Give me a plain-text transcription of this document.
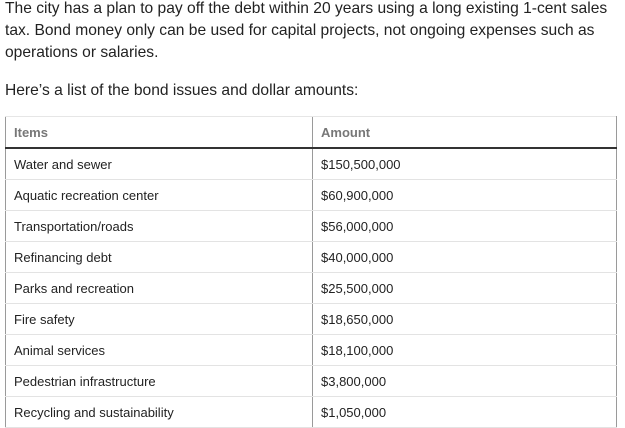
The city has a plan to pay off the debt within 20 years using a long existing 1-cent sales tax. Bond money only can be used for capital projects, not ongoing expenses such as operations or salaries.

Here’s a list of the bond issues and dollar amounts:

Items	Amount
Water and sewer	$150,500,000
Aquatic recreation center	$60,900,000
Transportation/roads	$56,000,000
Refinancing debt	$40,000,000
Parks and recreation	$25,500,000
Fire safety	$18,650,000
Animal services	$18,100,000
Pedestrian infrastructure	$3,800,000
Recycling and sustainability	$1,050,000
